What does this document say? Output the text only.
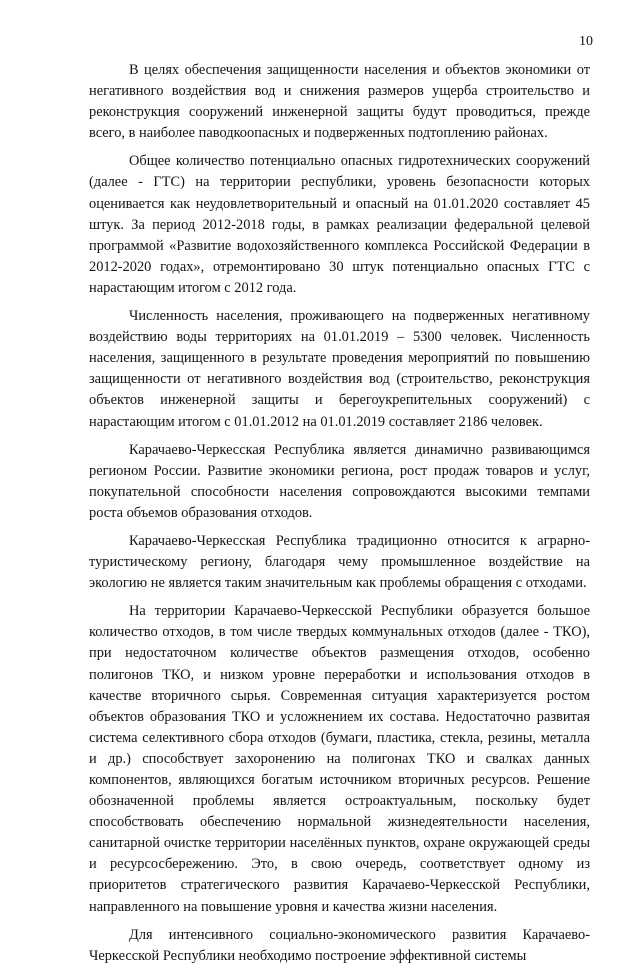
10

В целях обеспечения защищенности населения и объектов экономики от негативного воздействия вод и снижения размеров ущерба строительство и реконструкция сооружений инженерной защиты будут проводиться, прежде всего, в наиболее паводкоопасных и подверженных подтоплению районах.

Общее количество потенциально опасных гидротехнических сооружений (далее - ГТС) на территории республики, уровень безопасности которых оценивается как неудовлетворительный и опасный на 01.01.2020 составляет 45 штук. За период 2012-2018 годы, в рамках реализации федеральной целевой программой «Развитие водохозяйственного комплекса Российской Федерации в 2012-2020 годах», отремонтировано 30 штук потенциально опасных ГТС с нарастающим итогом с 2012 года.

Численность населения, проживающего на подверженных негативному воздействию воды территориях на 01.01.2019 – 5300 человек. Численность населения, защищенного в результате проведения мероприятий по повышению защищенности от негативного воздействия вод (строительство, реконструкция объектов инженерной защиты и берегоукрепительных сооружений) с нарастающим итогом с 01.01.2012 на 01.01.2019 составляет 2186 человек.

Карачаево-Черкесская Республика является динамично развивающимся регионом России. Развитие экономики региона, рост продаж товаров и услуг, покупательной способности населения сопровождаются высокими темпами роста объемов образования отходов.

Карачаево-Черкесская Республика традиционно относится к аграрно-туристическому региону, благодаря чему промышленное воздействие на экологию не является таким значительным как проблемы обращения с отходами.

На территории Карачаево-Черкесской Республики образуется большое количество отходов, в том числе твердых коммунальных отходов (далее - ТКО), при недостаточном количестве объектов размещения отходов, особенно полигонов ТКО, и низком уровне переработки и использования отходов в качестве вторичного сырья. Современная ситуация характеризуется ростом объектов образования ТКО и усложнением их состава. Недостаточно развитая система селективного сбора отходов (бумаги, пластика, стекла, резины, металла и др.) способствует захоронению на полигонах ТКО и свалках данных компонентов, являющихся богатым источником вторичных ресурсов. Решение обозначенной проблемы является остроактуальным, поскольку будет способствовать обеспечению нормальной жизнедеятельности населения, санитарной очистке территории населённых пунктов, охране окружающей среды и ресурсосбережению. Это, в свою очередь, соответствует одному из приоритетов стратегического развития Карачаево-Черкесской Республики, направленного на повышение уровня и качества жизни населения.

Для интенсивного социально-экономического развития Карачаево-Черкесской Республики необходимо построение эффективной системы
